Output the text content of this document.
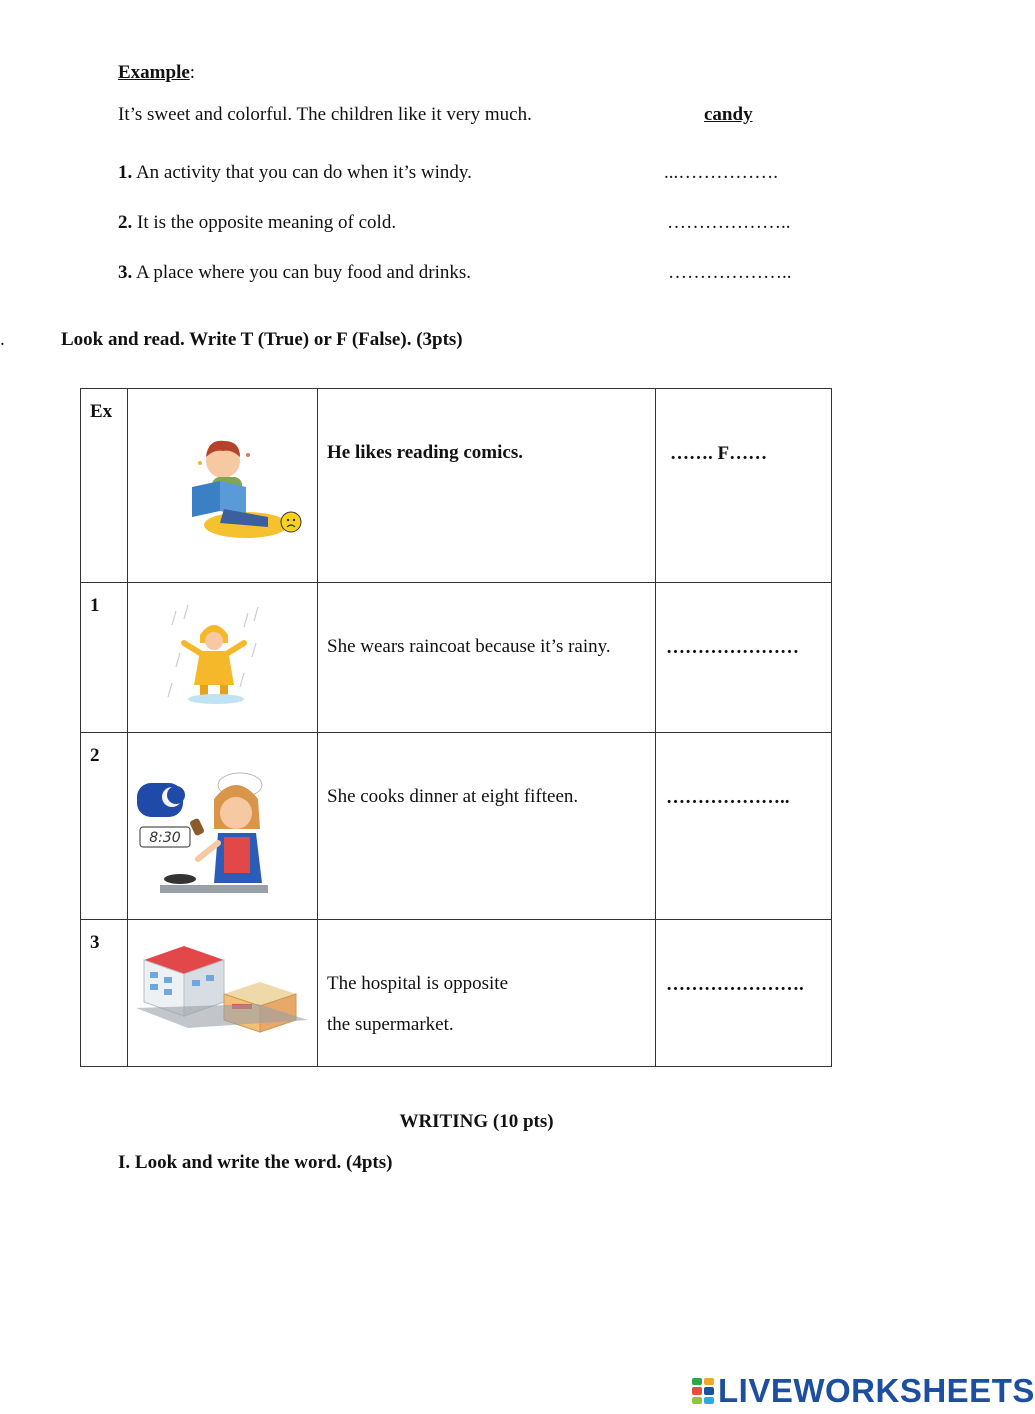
Example:
It’s sweet and colorful. The children like it very much.	candy
1. An activity that you can do when it’s windy.	...…………….
2. It is the opposite meaning of cold.	………………..
3. A place where you can buy food and drinks.	………………..
.	Look and read. Write T (True) or F (False). (3pts)
Ex		He likes reading comics.	……. F……

1		She wears raincoat because it’s rainy.	…………………

2	8:30	She cooks dinner at eight fifteen.	………………..

3		The hospital is opposite
the supermarket.	………………….
WRITING (10 pts)
I. Look and write the word. (4pts)
LIVEWORKSHEETS
